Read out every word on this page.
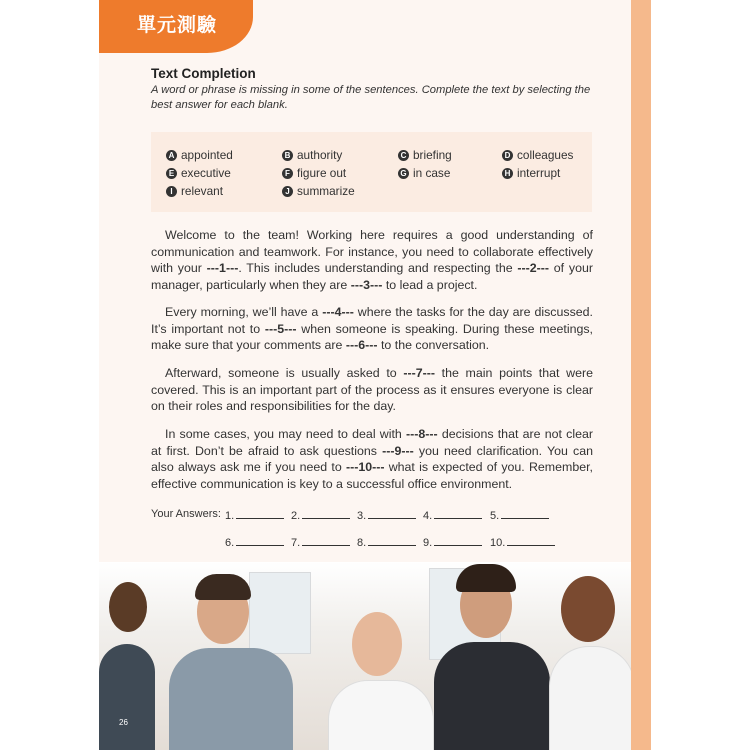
單元測驗
Text Completion
A word or phrase is missing in some of the sentences. Complete the text by selecting the best answer for each blank.
A appointed	B authority	C briefing	D colleagues
E executive	F figure out	G in case	H interrupt
I relevant	J summarize

Welcome to the team! Working here requires a good understanding of communication and teamwork. For instance, you need to collaborate effectively with your ---1---. This includes understanding and respecting the ---2--- of your manager, particularly when they are ---3--- to lead a project.

Every morning, we’ll have a ---4--- where the tasks for the day are discussed. It’s important not to ---5--- when someone is speaking. During these meetings, make sure that your comments are ---6--- to the conversation.

Afterward, someone is usually asked to ---7--- the main points that were covered. This is an important part of the process as it ensures everyone is clear on their roles and responsibilities for the day.

In some cases, you may need to deal with ---8--- decisions that are not clear at first. Don’t be afraid to ask questions ---9--- you need clarification. You can also always ask me if you need to ---10--- what is expected of you. Remember, effective communication is key to a successful office environment.

Your Answers: 1.	2.	3.	4.	5.
6.	7.	8.	9.	10.
26
